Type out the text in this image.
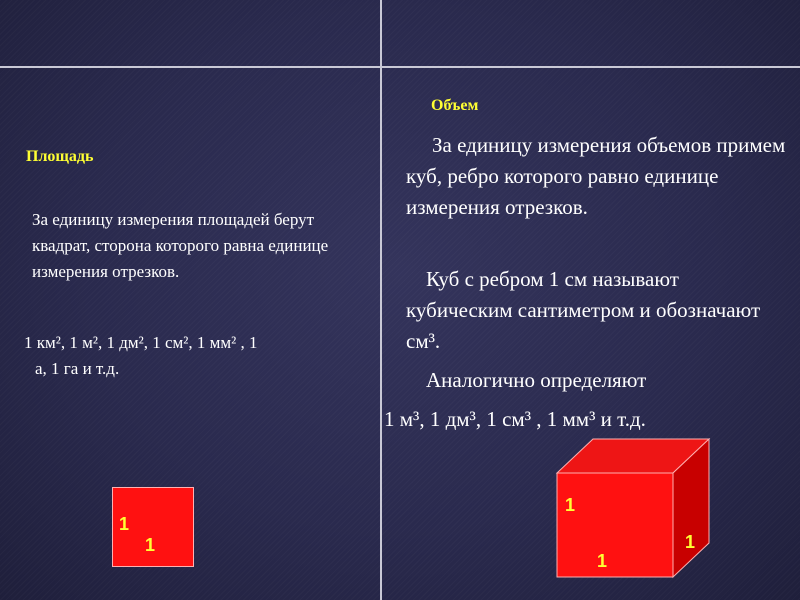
Площадь
За единицу измерения площадей берут квадрат, сторона которого равна единице измерения отрезков.
1 км², 1 м², 1 дм², 1 см², 1 мм² , 1
а, 1 га и т.д.
Объем
За единицу измерения объемов примем куб, ребро которого равно единице измерения отрезков.
Куб с ребром 1 см называют кубическим сантиметром и обозначают см³.
Аналогично определяют
1 м³, 1 дм³, 1 см³ , 1 мм³ и т.д.
1
1
1
1
1
